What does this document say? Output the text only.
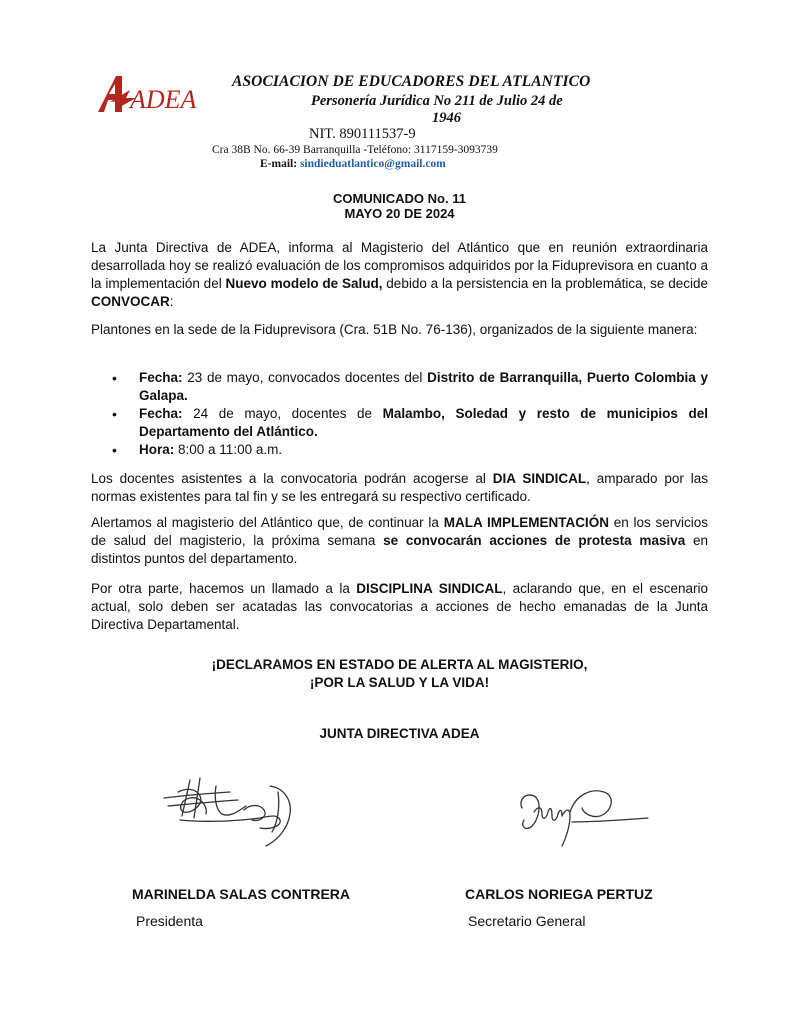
ADEA
ASOCIACION DE EDUCADORES DEL ATLANTICO
Personería Jurídica No 211 de Julio 24 de
1946
NIT. 890111537-9
Cra 38B No. 66-39 Barranquilla -Teléfono: 3117159-3093739
E-mail: sindieduatlantico@gmail.com
COMUNICADO No. 11
MAYO 20 DE 2024

La Junta Directiva de ADEA, informa al Magisterio del Atlántico que en reunión extraordinaria desarrollada hoy se realizó evaluación de los compromisos adquiridos por la Fiduprevisora en cuanto a la implementación del Nuevo modelo de Salud, debido a la persistencia en la problemática, se decide CONVOCAR:

Plantones en la sede de la Fiduprevisora (Cra. 51B No. 76-136), organizados de la siguiente manera:

• Fecha: 23 de mayo, convocados docentes del Distrito de Barranquilla, Puerto Colombia y Galapa.
• Fecha: 24 de mayo, docentes de Malambo, Soledad y resto de municipios del Departamento del Atlántico.
• Hora: 8:00 a 11:00 a.m.

Los docentes asistentes a la convocatoria podrán acogerse al DIA SINDICAL, amparado por las normas existentes para tal fin y se les entregará su respectivo certificado.

Alertamos al magisterio del Atlántico que, de continuar la MALA IMPLEMENTACIÓN en los servicios de salud del magisterio, la próxima semana se convocarán acciones de protesta masiva en distintos puntos del departamento.

Por otra parte, hacemos un llamado a la DISCIPLINA SINDICAL, aclarando que, en el escenario actual, solo deben ser acatadas las convocatorias a acciones de hecho emanadas de la Junta Directiva Departamental.

¡DECLARAMOS EN ESTADO DE ALERTA AL MAGISTERIO,
¡POR LA SALUD Y LA VIDA!
JUNTA DIRECTIVA ADEA
MARINELDA SALAS CONTRERA
Presidenta
CARLOS NORIEGA PERTUZ
Secretario General
